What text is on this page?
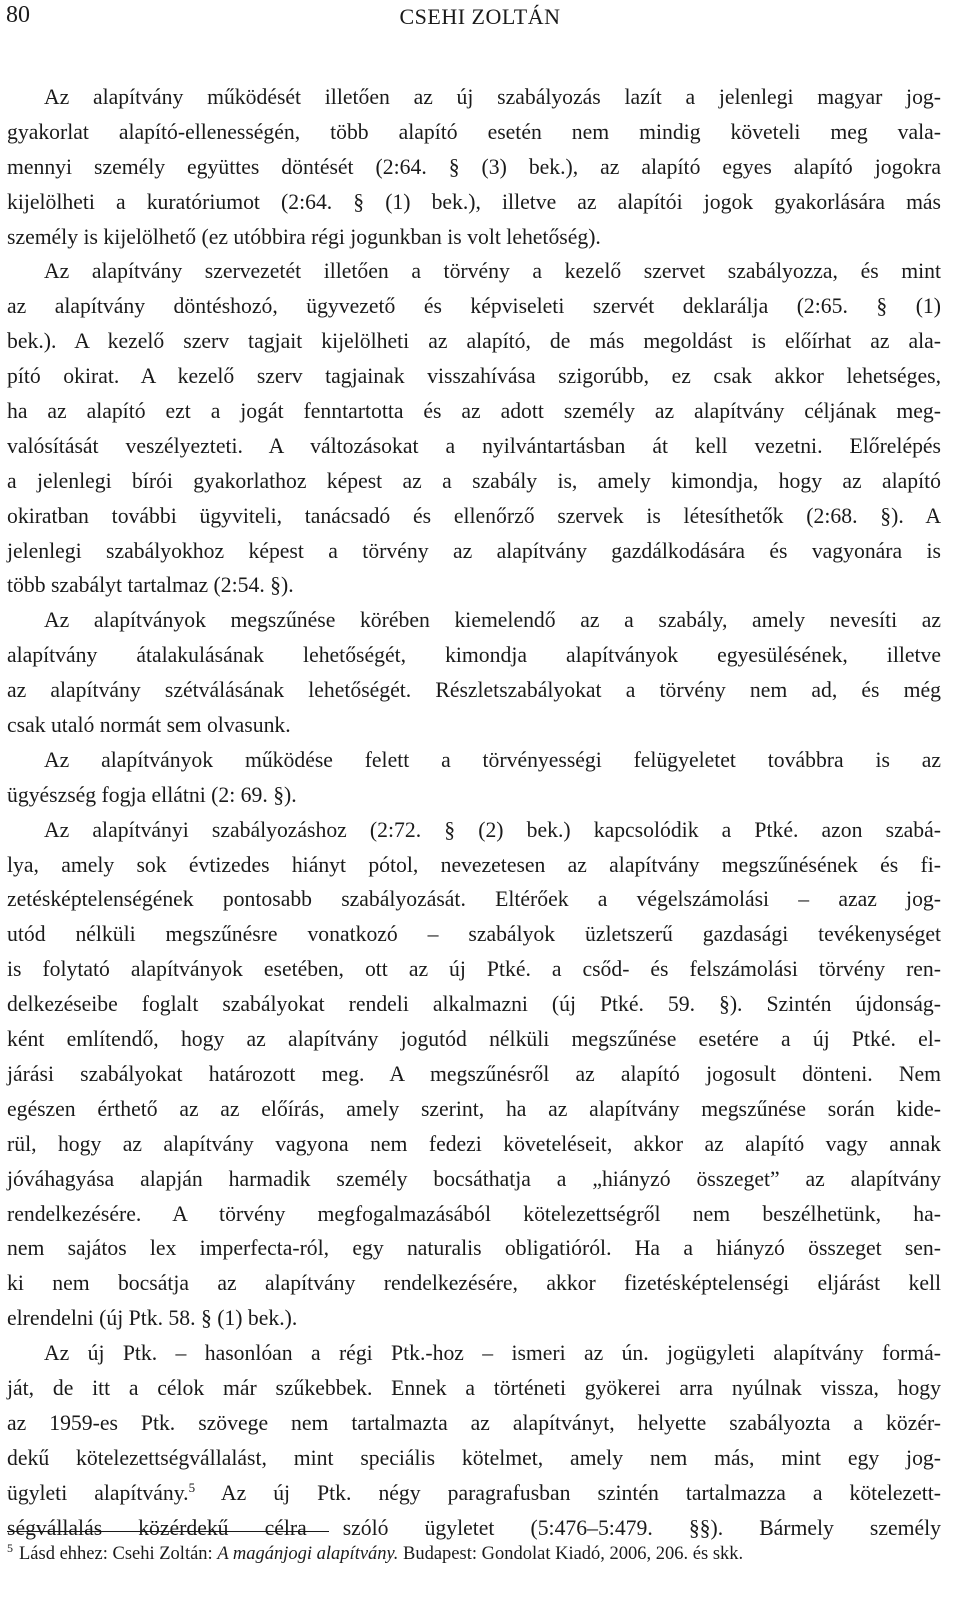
80	CSEHI ZOLTÁN
Az alapítvány működését illetően az új szabályozás lazít a jelenlegi magyar jog-
gyakorlat alapító-ellenességén, több alapító esetén nem mindig követeli meg vala-
mennyi személy együttes döntését (2:64. § (3) bek.), az alapító egyes alapító jogokra
kijelölheti a kuratóriumot (2:64. § (1) bek.), illetve az alapítói jogok gyakorlására más
személy is kijelölhető (ez utóbbira régi jogunkban is volt lehetőség).
Az alapítvány szervezetét illetően a törvény a kezelő szervet szabályozza, és mint
az alapítvány döntéshozó, ügyvezető és képviseleti szervét deklarálja (2:65. § (1)
bek.). A kezelő szerv tagjait kijelölheti az alapító, de más megoldást is előírhat az ala-
pító okirat. A kezelő szerv tagjainak visszahívása szigorúbb, ez csak akkor lehetséges,
ha az alapító ezt a jogát fenntartotta és az adott személy az alapítvány céljának meg-
valósítását veszélyezteti. A változásokat a nyilvántartásban át kell vezetni. Előrelépés
a jelenlegi bírói gyakorlathoz képest az a szabály is, amely kimondja, hogy az alapító
okiratban további ügyviteli, tanácsadó és ellenőrző szervek is létesíthetők (2:68. §). A
jelenlegi szabályokhoz képest a törvény az alapítvány gazdálkodására és vagyonára is
több szabályt tartalmaz (2:54. §).
Az alapítványok megszűnése körében kiemelendő az a szabály, amely nevesíti az
alapítvány átalakulásának lehetőségét, kimondja alapítványok egyesülésének, illetve
az alapítvány szétválásának lehetőségét. Részletszabályokat a törvény nem ad, és még
csak utaló normát sem olvasunk.
Az alapítványok működése felett a törvényességi felügyeletet továbbra is az
ügyészség fogja ellátni (2: 69. §).
Az alapítványi szabályozáshoz (2:72. § (2) bek.) kapcsolódik a Ptké. azon szabá-
lya, amely sok évtizedes hiányt pótol, nevezetesen az alapítvány megszűnésének és fi-
zetésképtelenségének pontosabb szabályozását. Eltérőek a végelszámolási – azaz jog-
utód nélküli megszűnésre vonatkozó – szabályok üzletszerű gazdasági tevékenységet
is folytató alapítványok esetében, ott az új Ptké. a csőd- és felszámolási törvény ren-
delkezéseibe foglalt szabályokat rendeli alkalmazni (új Ptké. 59. §). Szintén újdonság-
ként említendő, hogy az alapítvány jogutód nélküli megszűnése esetére a új Ptké. el-
járási szabályokat határozott meg. A megszűnésről az alapító jogosult dönteni. Nem
egészen érthető az az előírás, amely szerint, ha az alapítvány megszűnése során kide-
rül, hogy az alapítvány vagyona nem fedezi követeléseit, akkor az alapító vagy annak
jóváhagyása alapján harmadik személy bocsáthatja a „hiányzó összeget” az alapítvány
rendelkezésére. A törvény megfogalmazásából kötelezettségről nem beszélhetünk, ha-
nem sajátos lex imperfecta-ról, egy naturalis obligatióról. Ha a hiányzó összeget sen-
ki nem bocsátja az alapítvány rendelkezésére, akkor fizetésképtelenségi eljárást kell
elrendelni (új Ptk. 58. § (1) bek.).
Az új Ptk. – hasonlóan a régi Ptk.-hoz – ismeri az ún. jogügyleti alapítvány formá-
ját, de itt a célok már szűkebbek. Ennek a történeti gyökerei arra nyúlnak vissza, hogy
az 1959-es Ptk. szövege nem tartalmazta az alapítványt, helyette szabályozta a közér-
dekű kötelezettségvállalást, mint speciális kötelmet, amely nem más, mint egy jog-
ügyleti alapítvány.$^5$ Az új Ptk. négy paragrafusban szintén tartalmazza a kötelezett-
ségvállalás közérdekű célra szóló ügyletet (5:476–5:479. §§). Bármely személy
$^5$ Lásd ehhez: Csehi Zoltán: A magánjogi alapítvány. Budapest: Gondolat Kiadó, 2006, 206. és skk.
